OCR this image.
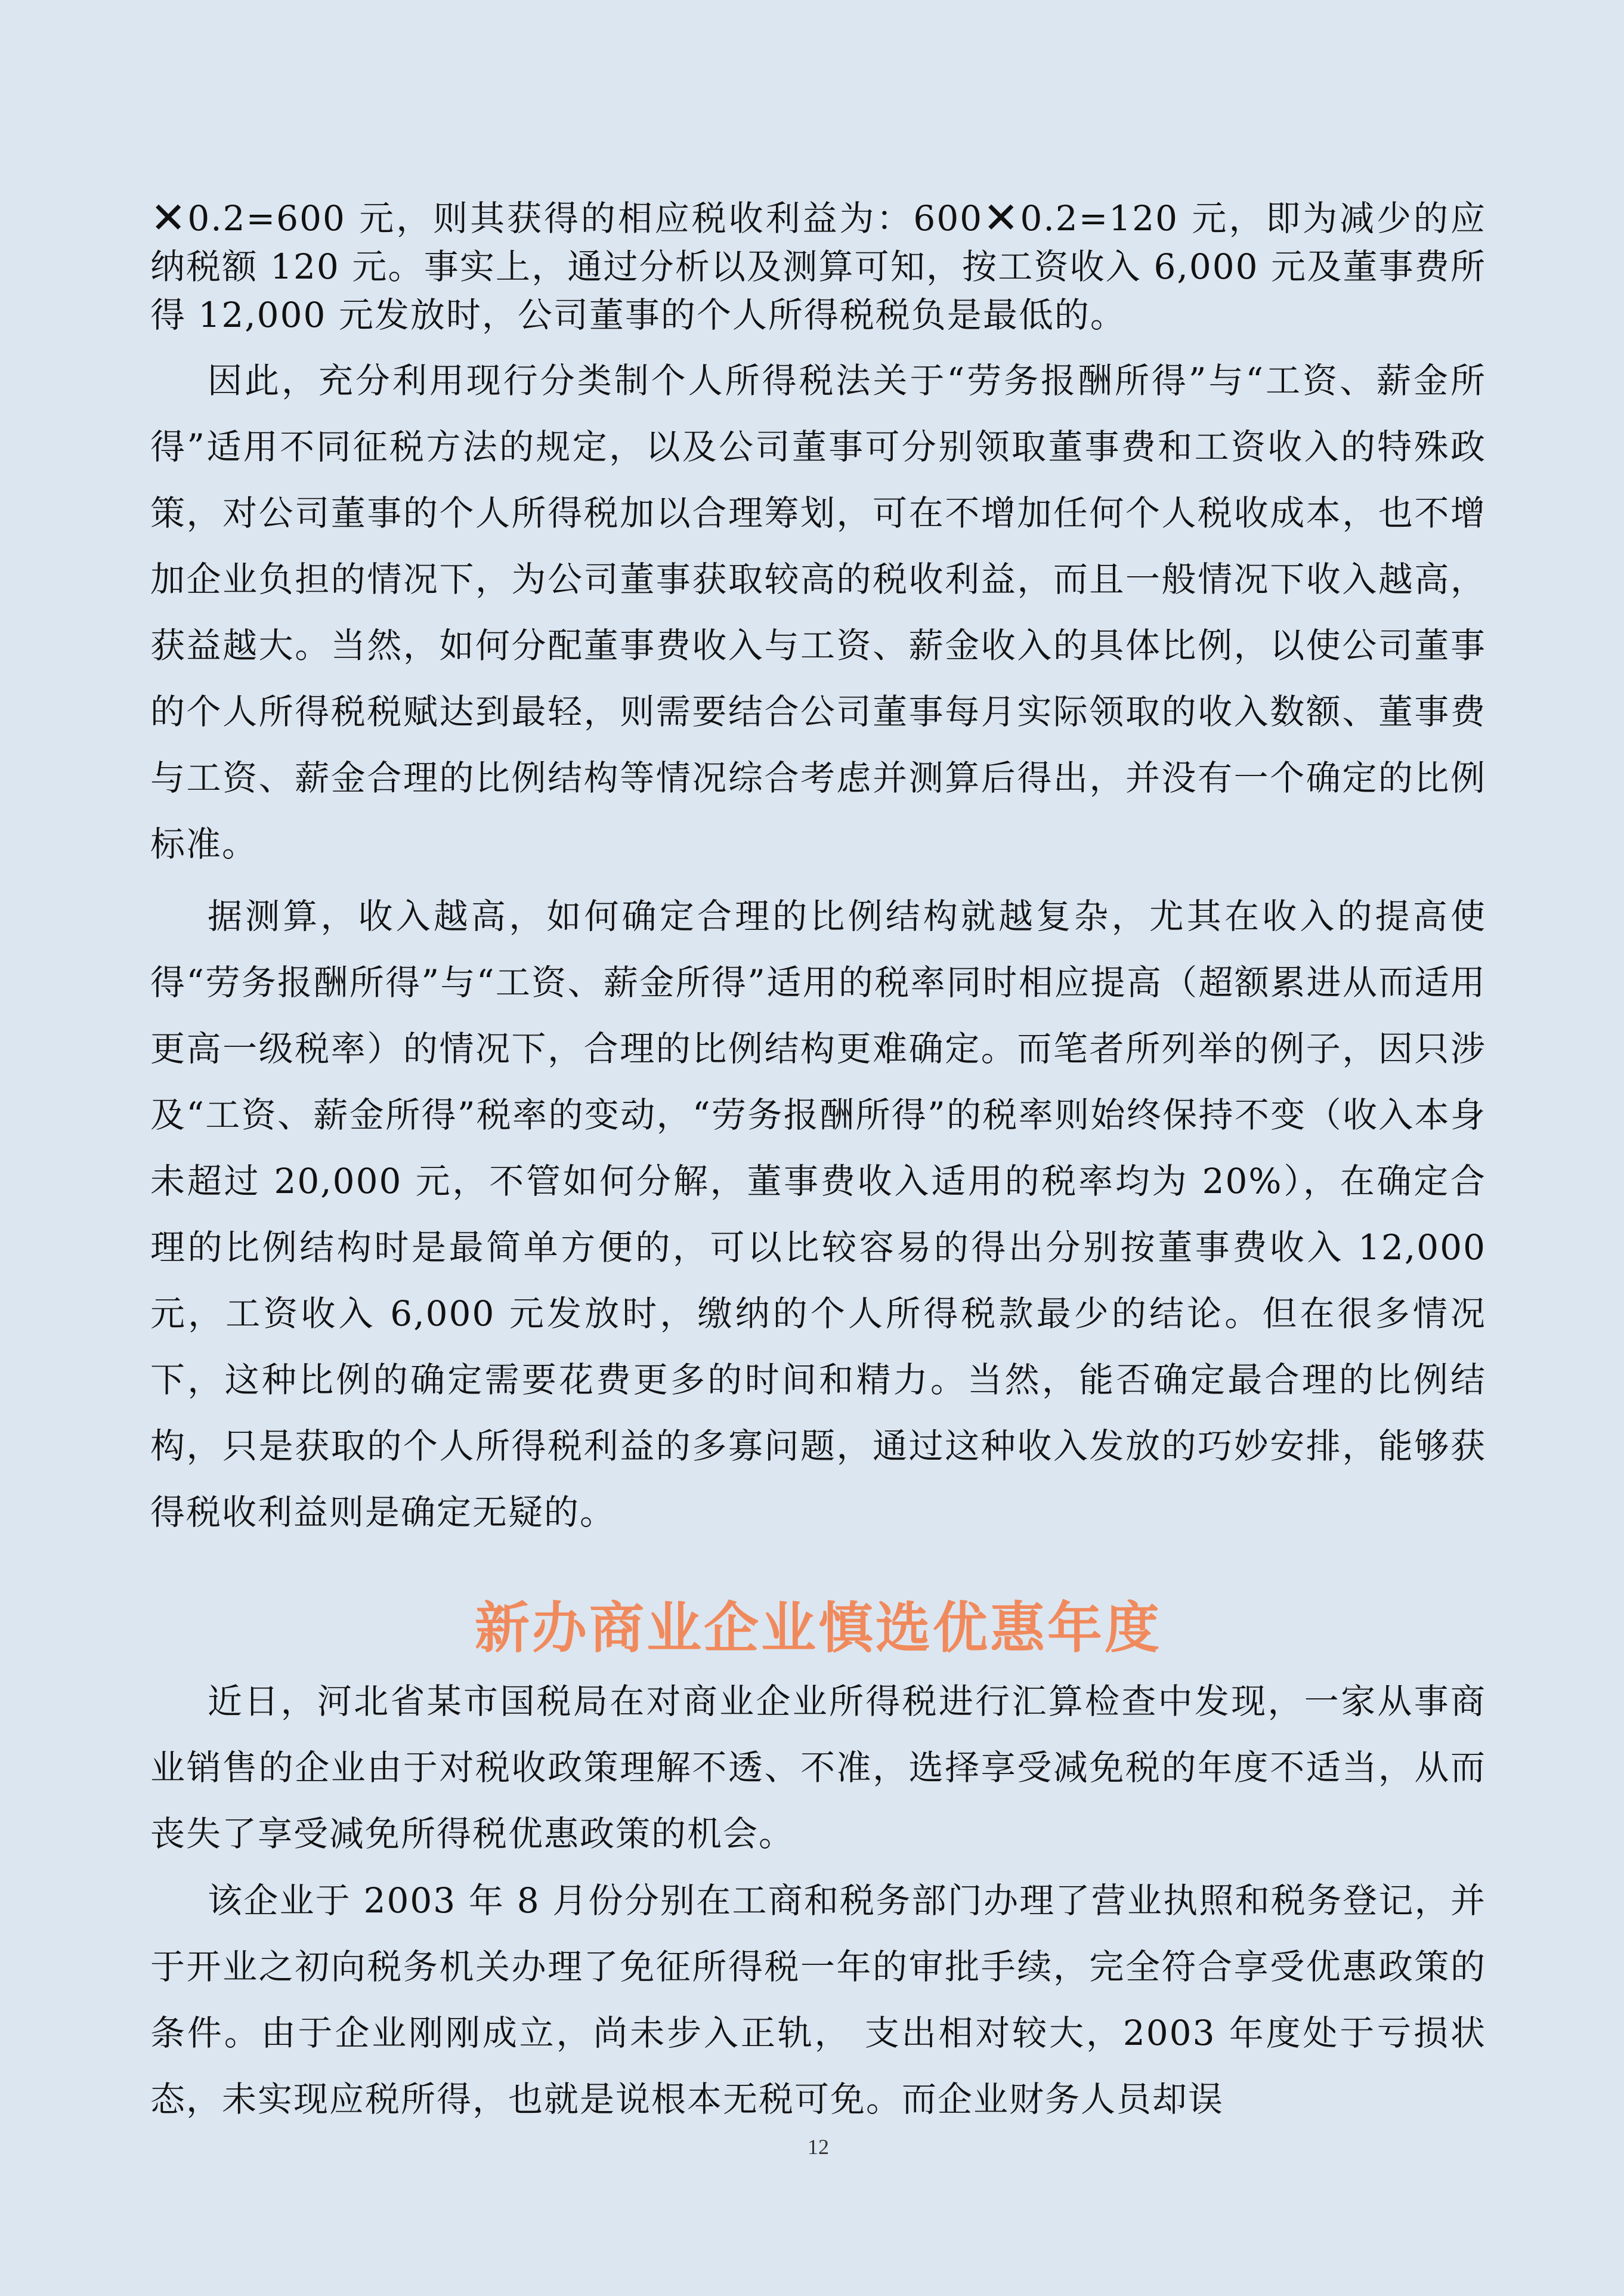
✕0.2=600 元，则其获得的相应税收利益为：600✕0.2=120 元，即为减少的应纳税额 120 元。事实上，通过分析以及测算可知，按工资收入 6,000 元及董事费所得 12,000 元发放时，公司董事的个人所得税税负是最低的。

因此，充分利用现行分类制个人所得税法关于“劳务报酬所得”与“工资、薪金所得”适用不同征税方法的规定，以及公司董事可分别领取董事费和工资收入的特殊政策，对公司董事的个人所得税加以合理筹划，可在不增加任何个人税收成本，也不增加企业负担的情况下，为公司董事获取较高的税收利益，而且一般情况下收入越高，获益越大。当然，如何分配董事费收入与工资、薪金收入的具体比例，以使公司董事的个人所得税税赋达到最轻，则需要结合公司董事每月实际领取的收入数额、董事费与工资、薪金合理的比例结构等情况综合考虑并测算后得出，并没有一个确定的比例标准。

据测算，收入越高，如何确定合理的比例结构就越复杂，尤其在收入的提高使得“劳务报酬所得”与“工资、薪金所得”适用的税率同时相应提高（超额累进从而适用更高一级税率）的情况下，合理的比例结构更难确定。而笔者所列举的例子，因只涉及“工资、薪金所得”税率的变动，“劳务报酬所得”的税率则始终保持不变（收入本身未超过 20,000 元，不管如何分解，董事费收入适用的税率均为 20%），在确定合理的比例结构时是最简单方便的，可以比较容易的得出分别按董事费收入 12,000 元，工资收入 6,000 元发放时，缴纳的个人所得税款最少的结论。但在很多情况下，这种比例的确定需要花费更多的时间和精力。当然，能否确定最合理的比例结构，只是获取的个人所得税利益的多寡问题，通过这种收入发放的巧妙安排，能够获得税收利益则是确定无疑的。

新办商业企业慎选优惠年度

近日，河北省某市国税局在对商业企业所得税进行汇算检查中发现，一家从事商业销售的企业由于对税收政策理解不透、不准，选择享受减免税的年度不适当，从而丧失了享受减免所得税优惠政策的机会。

该企业于 2003 年 8 月份分别在工商和税务部门办理了营业执照和税务登记，并于开业之初向税务机关办理了免征所得税一年的审批手续，完全符合享受优惠政策的条件。由于企业刚刚成立，尚未步入正轨， 支出相对较大，2003 年度处于亏损状态，未实现应税所得，也就是说根本无税可免。而企业财务人员却误

12
